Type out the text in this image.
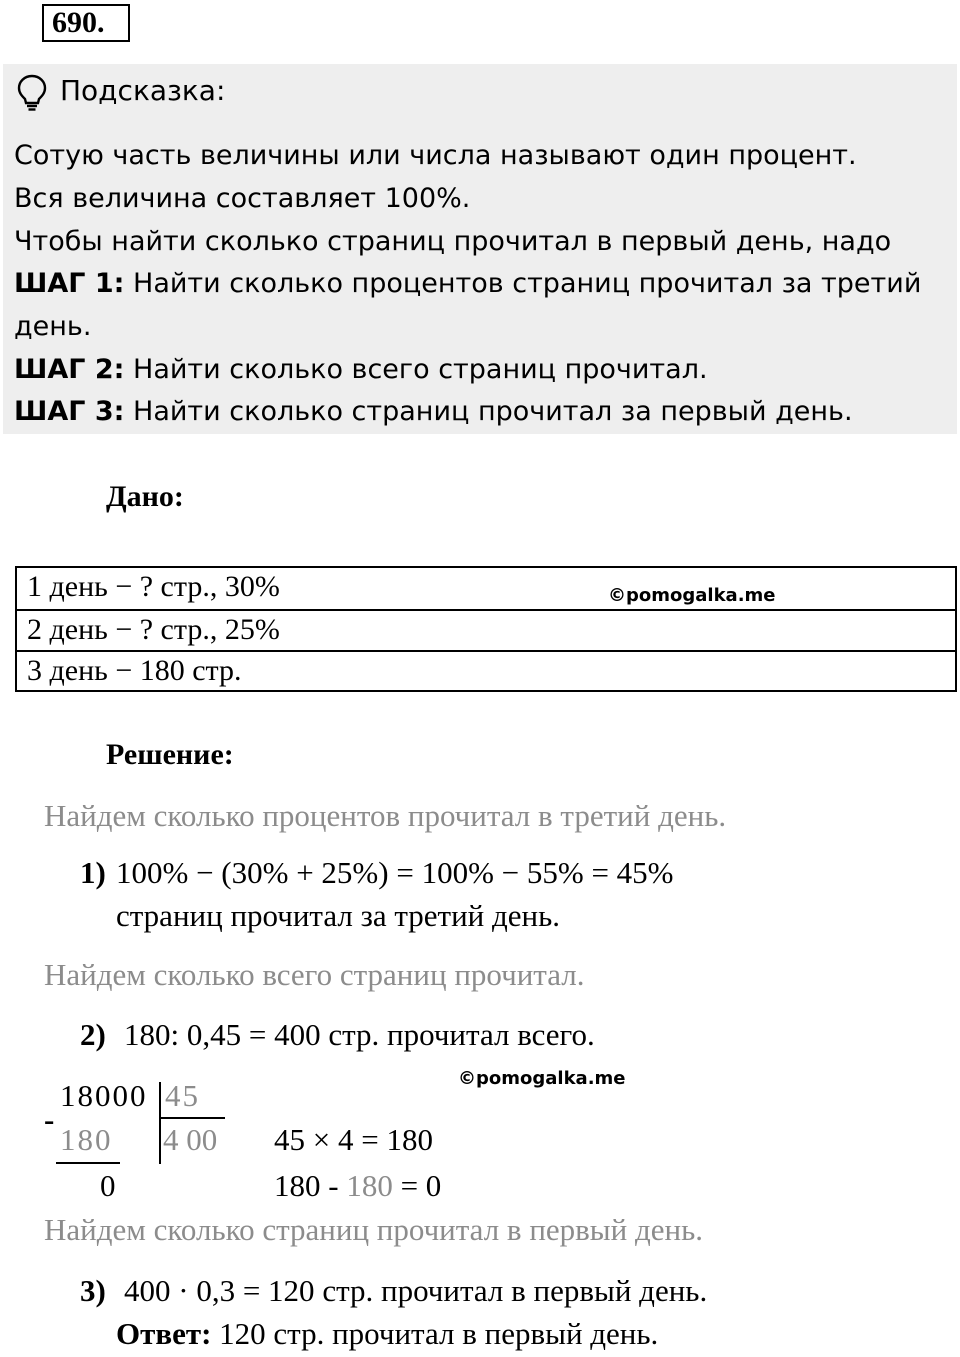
690.
Подсказка:
Сотую часть величины или числа называют один процент.
Вся величина составляет 100%.
Чтобы найти сколько страниц прочитал в первый день, надо
ШАГ 1: Найти сколько процентов страниц прочитал за третий
день.
ШАГ 2: Найти сколько всего страниц прочитал.
ШАГ 3: Найти сколько страниц прочитал за первый день.
Дано:
1 день − ? стр., 30%
2 день − ? стр., 25%
3 день − 180 стр.
©pomogalka.me
Решение:
Найдем сколько процентов прочитал в третий день.
1) 100% − (30% + 25%) = 100% − 55% = 45%
страниц прочитал за третий день.
Найдем сколько всего страниц прочитал.
2) 180: 0,45 = 400 стр. прочитал всего.
©pomogalka.me
18000 45
-
180 4 00
0
45 × 4 = 180
180 - 180 = 0
Найдем сколько страниц прочитал в первый день.
3) 400 · 0,3 = 120 стр. прочитал в первый день.
Ответ: 120 стр. прочитал в первый день.
